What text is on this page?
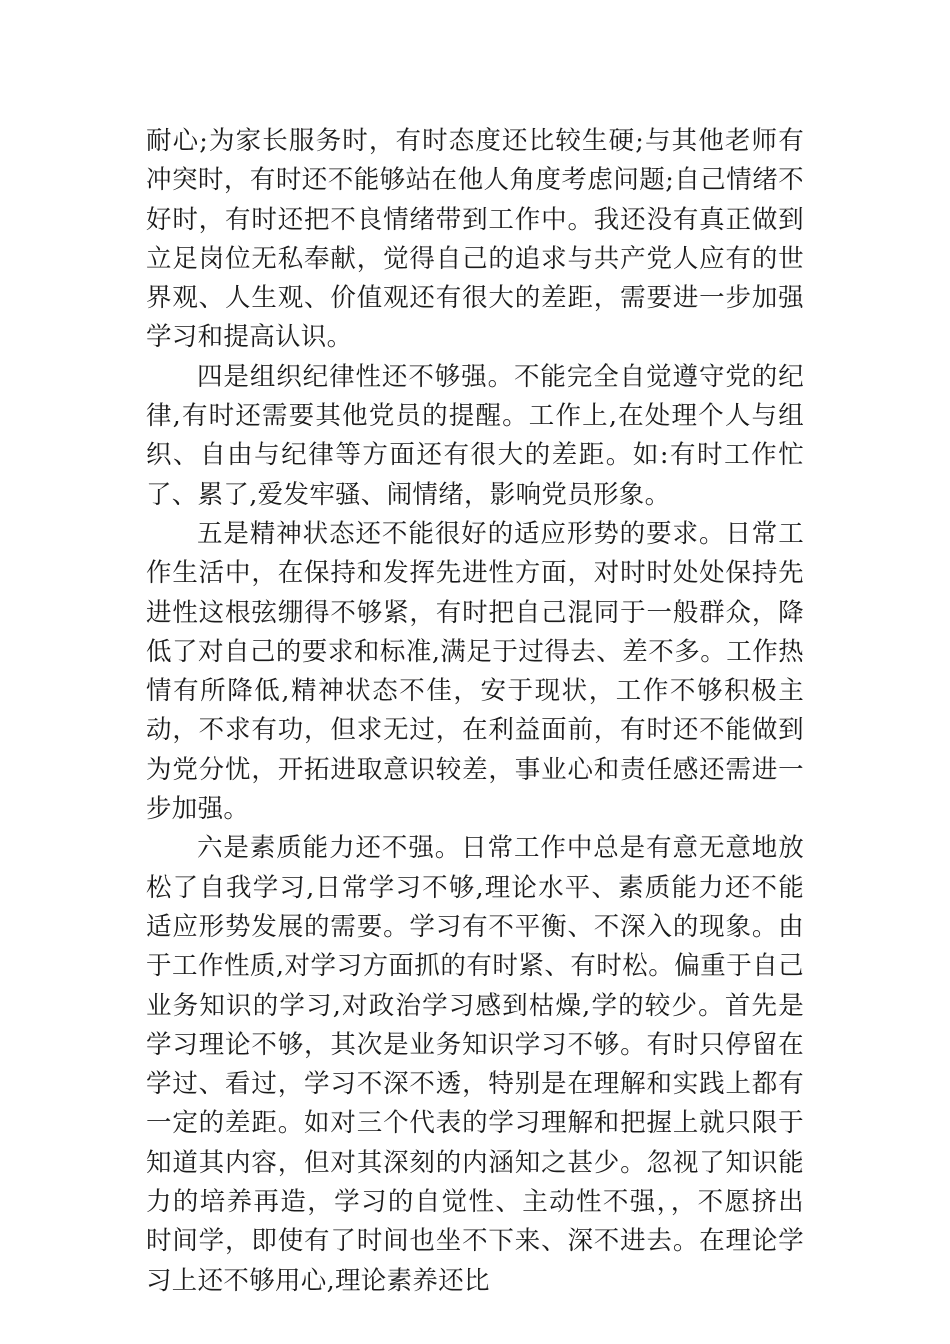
耐心;为家长服务时，有时态度还比较生硬;与其他老师有冲突时，有时还不能够站在他人角度考虑问题;自己情绪不好时，有时还把不良情绪带到工作中。我还没有真正做到立足岗位无私奉献，觉得自己的追求与共产党人应有的世界观、人生观、价值观还有很大的差距，需要进一步加强学习和提高认识。

四是组织纪律性还不够强。不能完全自觉遵守党的纪律,有时还需要其他党员的提醒。工作上,在处理个人与组织、自由与纪律等方面还有很大的差距。如:有时工作忙了、累了,爱发牢骚、闹情绪，影响党员形象。

五是精神状态还不能很好的适应形势的要求。日常工作生活中，在保持和发挥先进性方面，对时时处处保持先进性这根弦绷得不够紧，有时把自己混同于一般群众，降低了对自己的要求和标准,满足于过得去、差不多。工作热情有所降低,精神状态不佳，安于现状，工作不够积极主动，不求有功，但求无过，在利益面前，有时还不能做到为党分忧，开拓进取意识较差，事业心和责任感还需进一步加强。

六是素质能力还不强。日常工作中总是有意无意地放松了自我学习,日常学习不够,理论水平、素质能力还不能适应形势发展的需要。学习有不平衡、不深入的现象。由于工作性质,对学习方面抓的有时紧、有时松。偏重于自己业务知识的学习,对政治学习感到枯燥,学的较少。首先是学习理论不够，其次是业务知识学习不够。有时只停留在学过、看过，学习不深不透，特别是在理解和实践上都有一定的差距。如对三个代表的学习理解和把握上就只限于知道其内容，但对其深刻的内涵知之甚少。忽视了知识能力的培养再造，学习的自觉性、主动性不强，，不愿挤出时间学，即使有了时间也坐不下来、深不进去。在理论学习上还不够用心,理论素养还比
